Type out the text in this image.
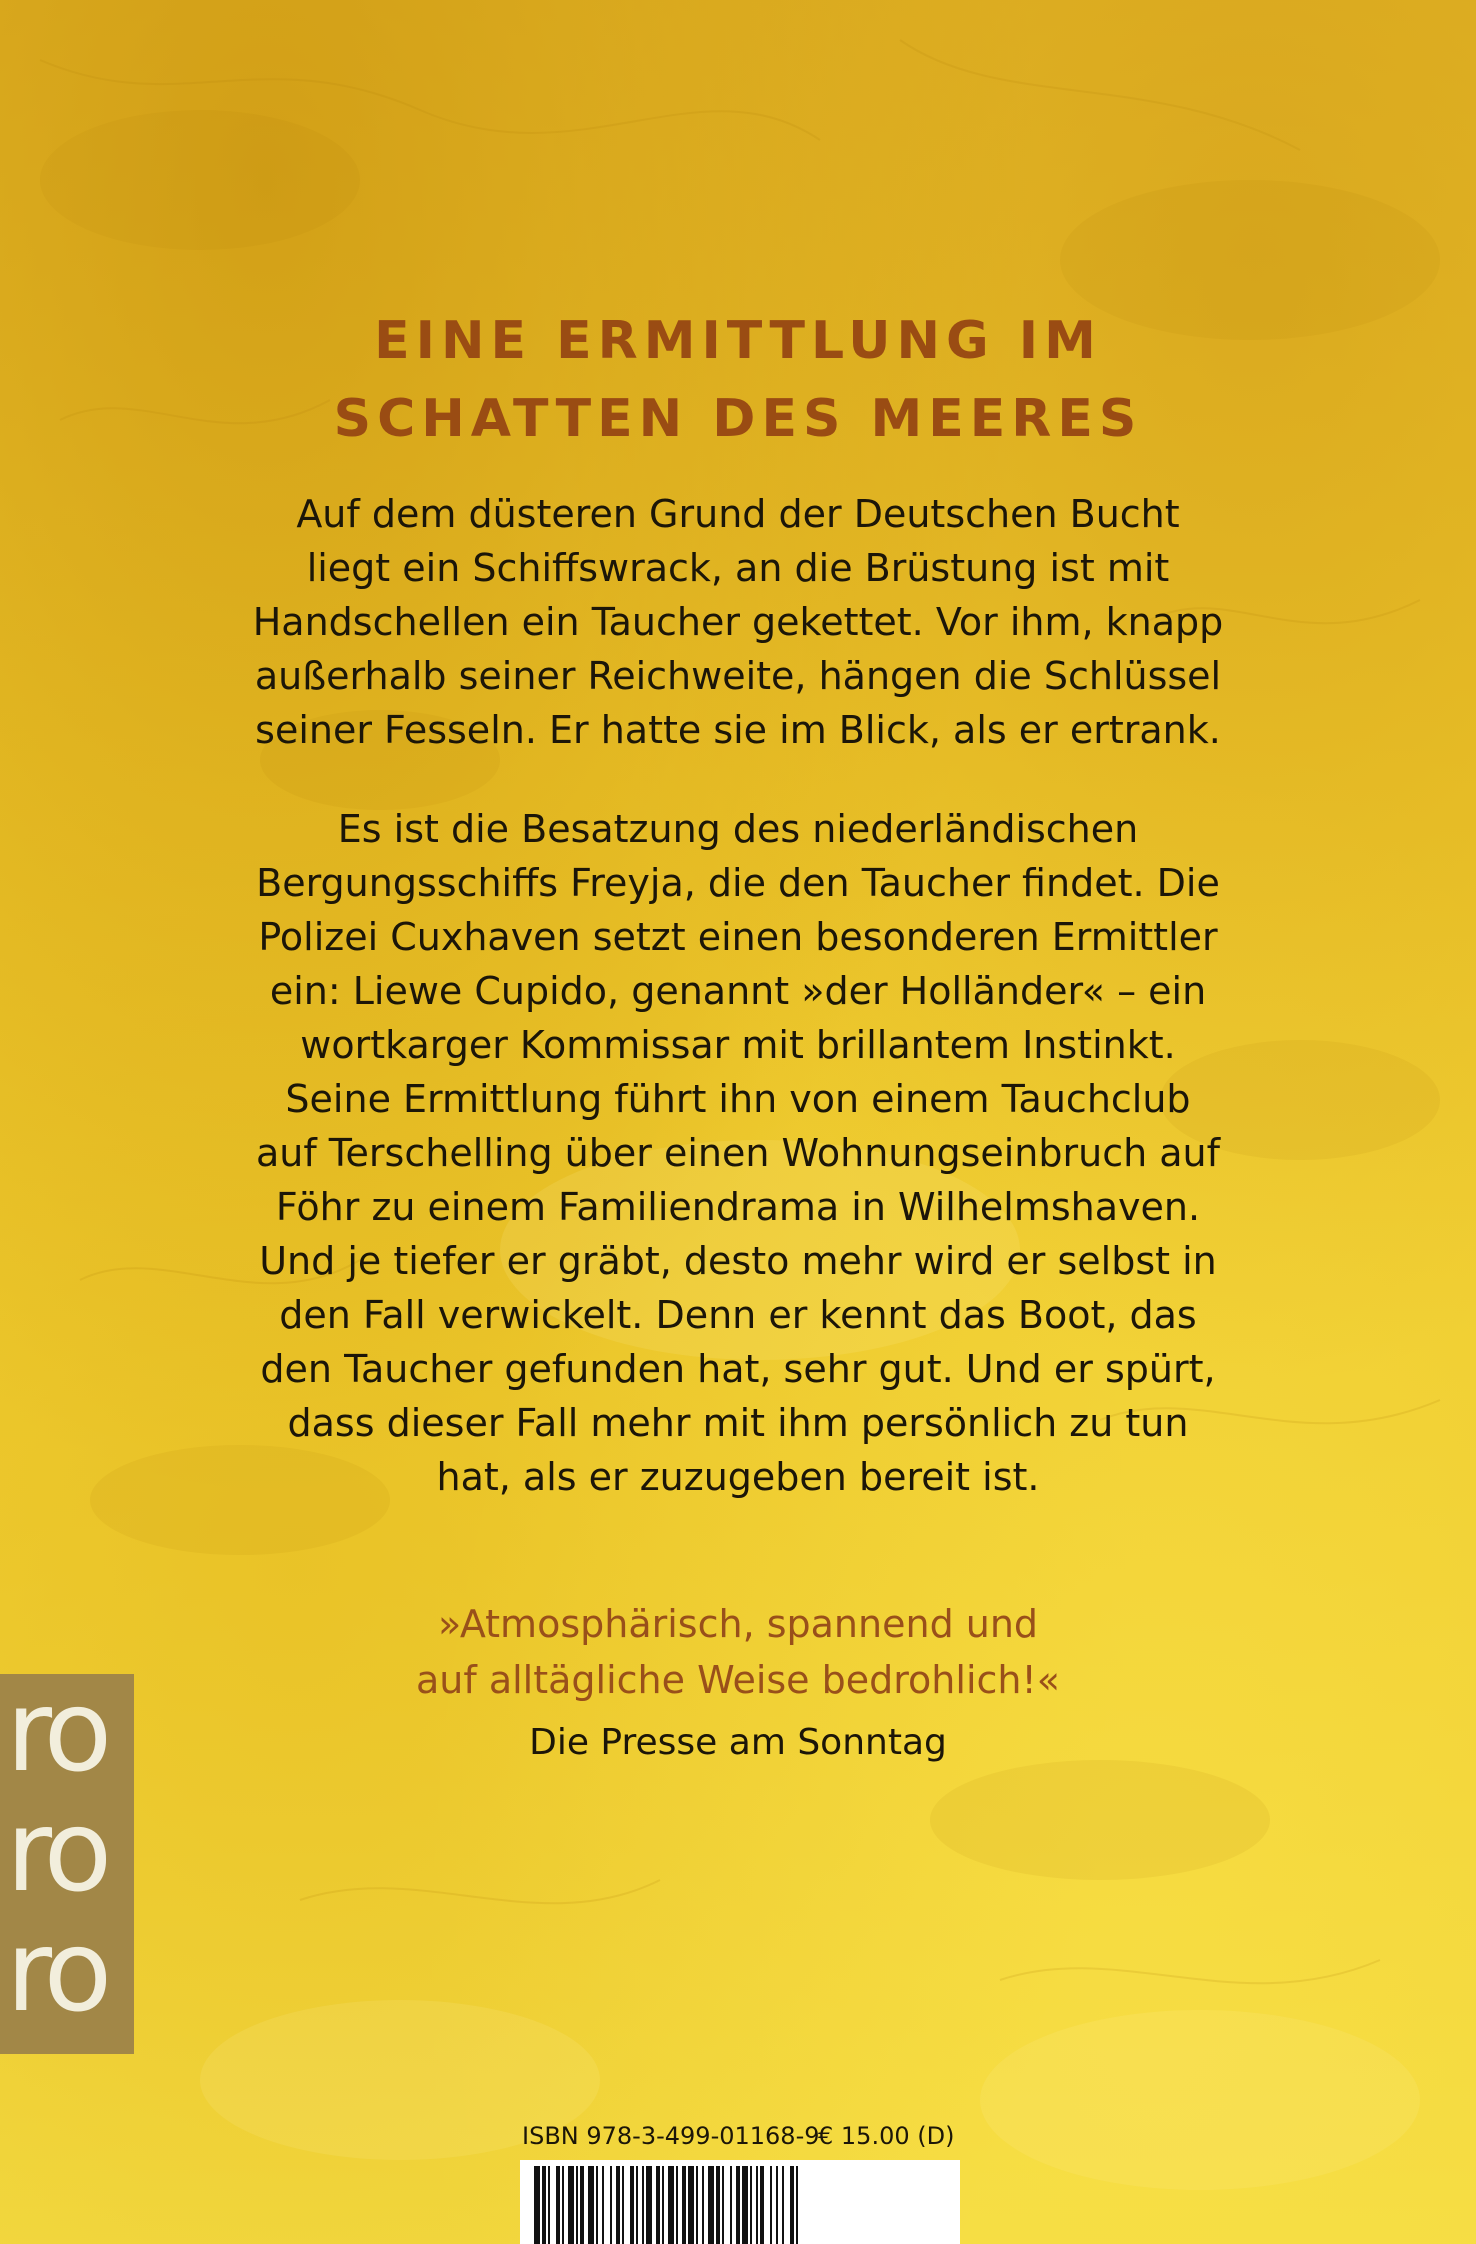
EINE ERMITTLUNG IM
SCHATTEN DES MEERES
Auf dem düsteren Grund der Deutschen Bucht
liegt ein Schiffswrack, an die Brüstung ist mit
Handschellen ein Taucher gekettet. Vor ihm, knapp
außerhalb seiner Reichweite, hängen die Schlüssel
seiner Fesseln. Er hatte sie im Blick, als er ertrank.
Es ist die Besatzung des niederländischen
Bergungsschiffs Freyja, die den Taucher findet. Die
Polizei Cuxhaven setzt einen besonderen Ermittler
ein: Liewe Cupido, genannt »der Holländer« – ein
wortkarger Kommissar mit brillantem Instinkt.
Seine Ermittlung führt ihn von einem Tauchclub
auf Terschelling über einen Wohnungseinbruch auf
Föhr zu einem Familiendrama in Wilhelmshaven.
Und je tiefer er gräbt, desto mehr wird er selbst in
den Fall verwickelt. Denn er kennt das Boot, das
den Taucher gefunden hat, sehr gut. Und er spürt,
dass dieser Fall mehr mit ihm persönlich zu tun
hat, als er zuzugeben bereit ist.
»Atmosphärisch, spannend und
auf alltägliche Weise bedrohlich!«
Die Presse am Sonntag
ro
ro
ro
ISBN 978-3-499-01168-9
€ 15.00 (D)
